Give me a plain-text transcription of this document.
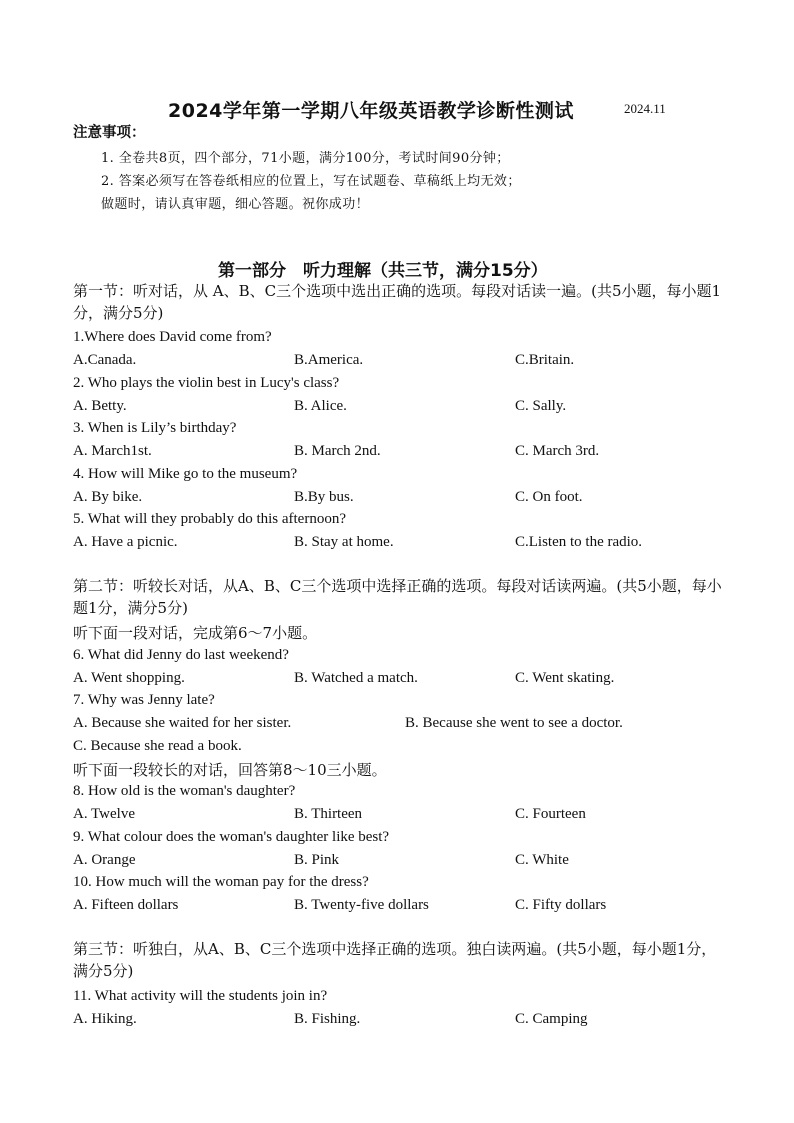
2024学年第一学期八年级英语教学诊断性测试	2024.11
注意事项：
1. 全卷共8页，四个部分，71小题，满分100分，考试时间90分钟；
2. 答案必须写在答卷纸相应的位置上，写在试题卷、草稿纸上均无效；
做题时，请认真审题，细心答题。祝你成功！
第一部分　听力理解（共三节，满分15分）
第一节：听对话，从 A、B、C三个选项中选出正确的选项。每段对话读一遍。(共5小题，每小题1分，满分5分)
1.Where does David come from?
A.Canada.	B.America.	C.Britain.
2. Who plays the violin best in Lucy's class?
A. Betty.	B. Alice.	C. Sally.
3. When is Lily’s birthday?
A. March1st.	B. March 2nd.	C. March 3rd.
4. How will Mike go to the museum?
A. By bike.	B.By bus.	C. On foot.
5. What will they probably do this afternoon?
A. Have a picnic.	B. Stay at home.	C.Listen to the radio.
第二节：听较长对话，从A、B、C三个选项中选择正确的选项。每段对话读两遍。(共5小题，每小题1分，满分5分)
听下面一段对话，完成第6～7小题。
6. What did Jenny do last weekend?
A. Went shopping.	B. Watched a match.	C. Went skating.
7. Why was Jenny late?
A. Because she waited for her sister.	B. Because she went to see a doctor.
C. Because she read a book.
听下面一段较长的对话，回答第8～10三小题。
8. How old is the woman's daughter?
A. Twelve	B. Thirteen	C. Fourteen
9. What colour does the woman's daughter like best?
A. Orange	B. Pink	C. White
10. How much will the woman pay for the dress?
A. Fifteen dollars	B. Twenty-five dollars	C. Fifty dollars
第三节：听独白，从A、B、C三个选项中选择正确的选项。独白读两遍。(共5小题，每小题1分，满分5分)
11. What activity will the students join in?
A. Hiking.	B. Fishing.	C. Camping
